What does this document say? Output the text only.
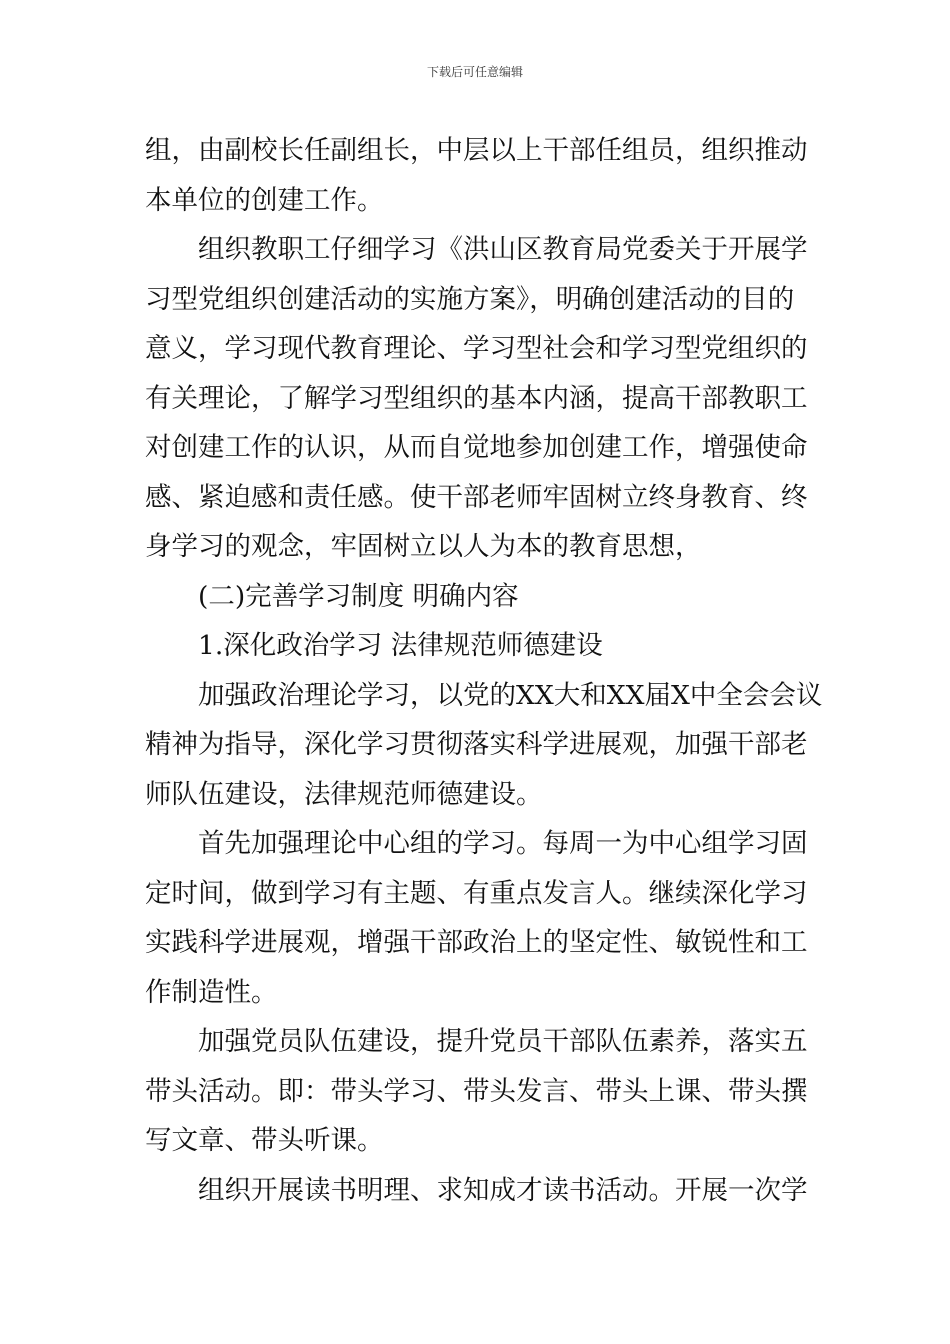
下载后可任意编辑
组，由副校长任副组长，中层以上干部任组员，组织推动
本单位的创建工作。
组织教职工仔细学习《洪山区教育局党委关于开展学
习型党组织创建活动的实施方案》，明确创建活动的目的
意义，学习现代教育理论、学习型社会和学习型党组织的
有关理论，了解学习型组织的基本内涵，提高干部教职工
对创建工作的认识，从而自觉地参加创建工作，增强使命
感、紧迫感和责任感。使干部老师牢固树立终身教育、终
身学习的观念，牢固树立以人为本的教育思想，
(二)完善学习制度 明确内容
1.深化政治学习 法律规范师德建设
加强政治理论学习，以党的XX大和XX届X中全会会议
精神为指导，深化学习贯彻落实科学进展观，加强干部老
师队伍建设，法律规范师德建设。
首先加强理论中心组的学习。每周一为中心组学习固
定时间，做到学习有主题、有重点发言人。继续深化学习
实践科学进展观，增强干部政治上的坚定性、敏锐性和工
作制造性。
加强党员队伍建设，提升党员干部队伍素养，落实五
带头活动。即：带头学习、带头发言、带头上课、带头撰
写文章、带头听课。
组织开展读书明理、求知成才读书活动。开展一次学
